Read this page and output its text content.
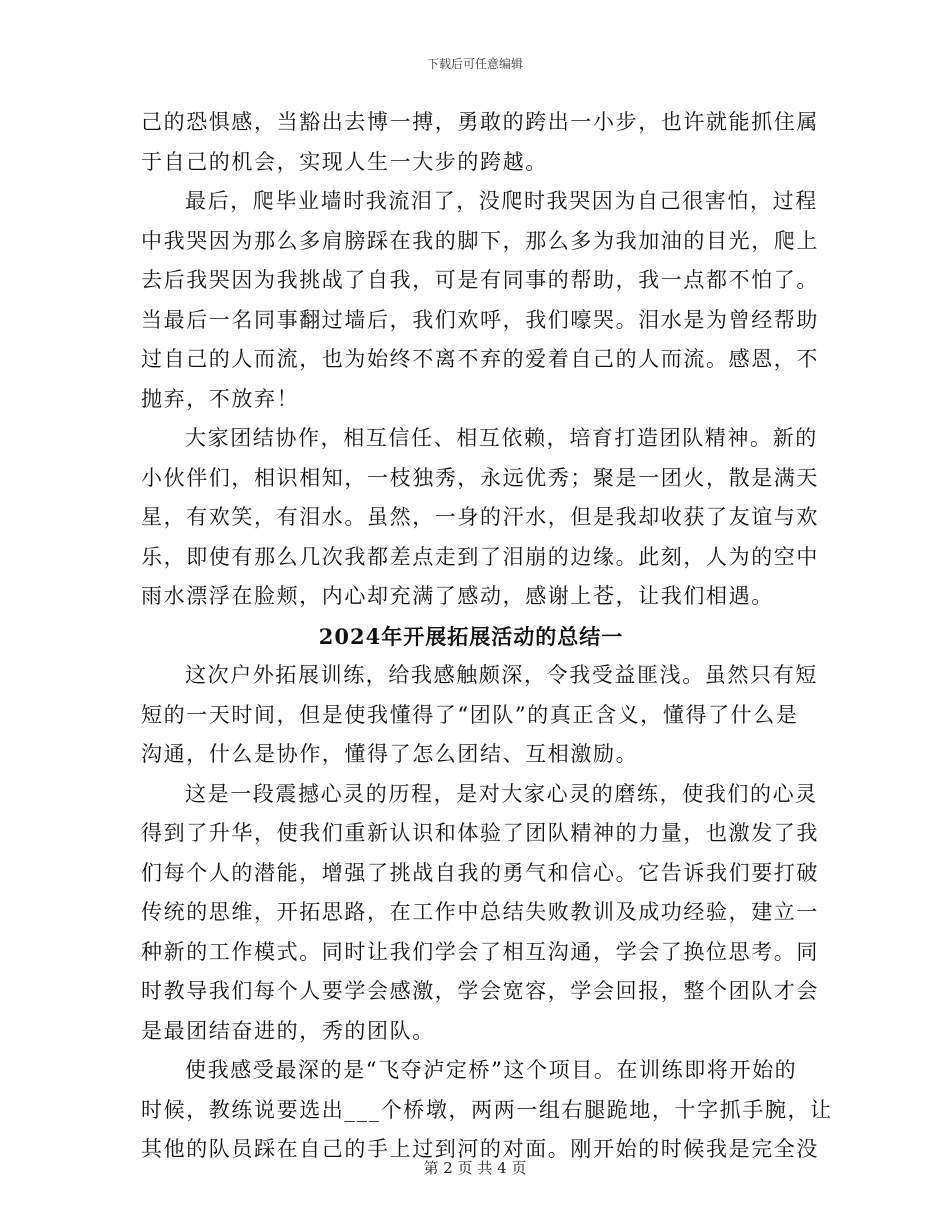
下载后可任意编辑
己的恐惧感，当豁出去博一搏，勇敢的跨出一小步，也许就能抓住属
于自己的机会，实现人生一大步的跨越。
最后，爬毕业墙时我流泪了，没爬时我哭因为自己很害怕，过程
中我哭因为那么多肩膀踩在我的脚下，那么多为我加油的目光，爬上
去后我哭因为我挑战了自我，可是有同事的帮助，我一点都不怕了。
当最后一名同事翻过墙后，我们欢呼，我们嚎哭。泪水是为曾经帮助
过自己的人而流，也为始终不离不弃的爱着自己的人而流。感恩，不
抛弃，不放弃！
大家团结协作，相互信任、相互依赖，培育打造团队精神。新的
小伙伴们，相识相知，一枝独秀，永远优秀；聚是一团火，散是满天
星，有欢笑，有泪水。虽然，一身的汗水，但是我却收获了友谊与欢
乐，即使有那么几次我都差点走到了泪崩的边缘。此刻，人为的空中
雨水漂浮在脸颊，内心却充满了感动，感谢上苍，让我们相遇。
2024年开展拓展活动的总结一
这次户外拓展训练，给我感触颇深，令我受益匪浅。虽然只有短
短的一天时间，但是使我懂得了“团队”的真正含义，懂得了什么是
沟通，什么是协作，懂得了怎么团结、互相激励。
这是一段震撼心灵的历程，是对大家心灵的磨练，使我们的心灵
得到了升华，使我们重新认识和体验了团队精神的力量，也激发了我
们每个人的潜能，增强了挑战自我的勇气和信心。它告诉我们要打破
传统的思维，开拓思路，在工作中总结失败教训及成功经验，建立一
种新的工作模式。同时让我们学会了相互沟通，学会了换位思考。同
时教导我们每个人要学会感激，学会宽容，学会回报，整个团队才会
是最团结奋进的，秀的团队。
使我感受最深的是“飞夺泸定桥”这个项目。在训练即将开始的
时候，教练说要选出___个桥墩，两两一组右腿跪地，十字抓手腕，让
其他的队员踩在自己的手上过到河的对面。刚开始的时候我是完全没
第 2 页 共 4 页
